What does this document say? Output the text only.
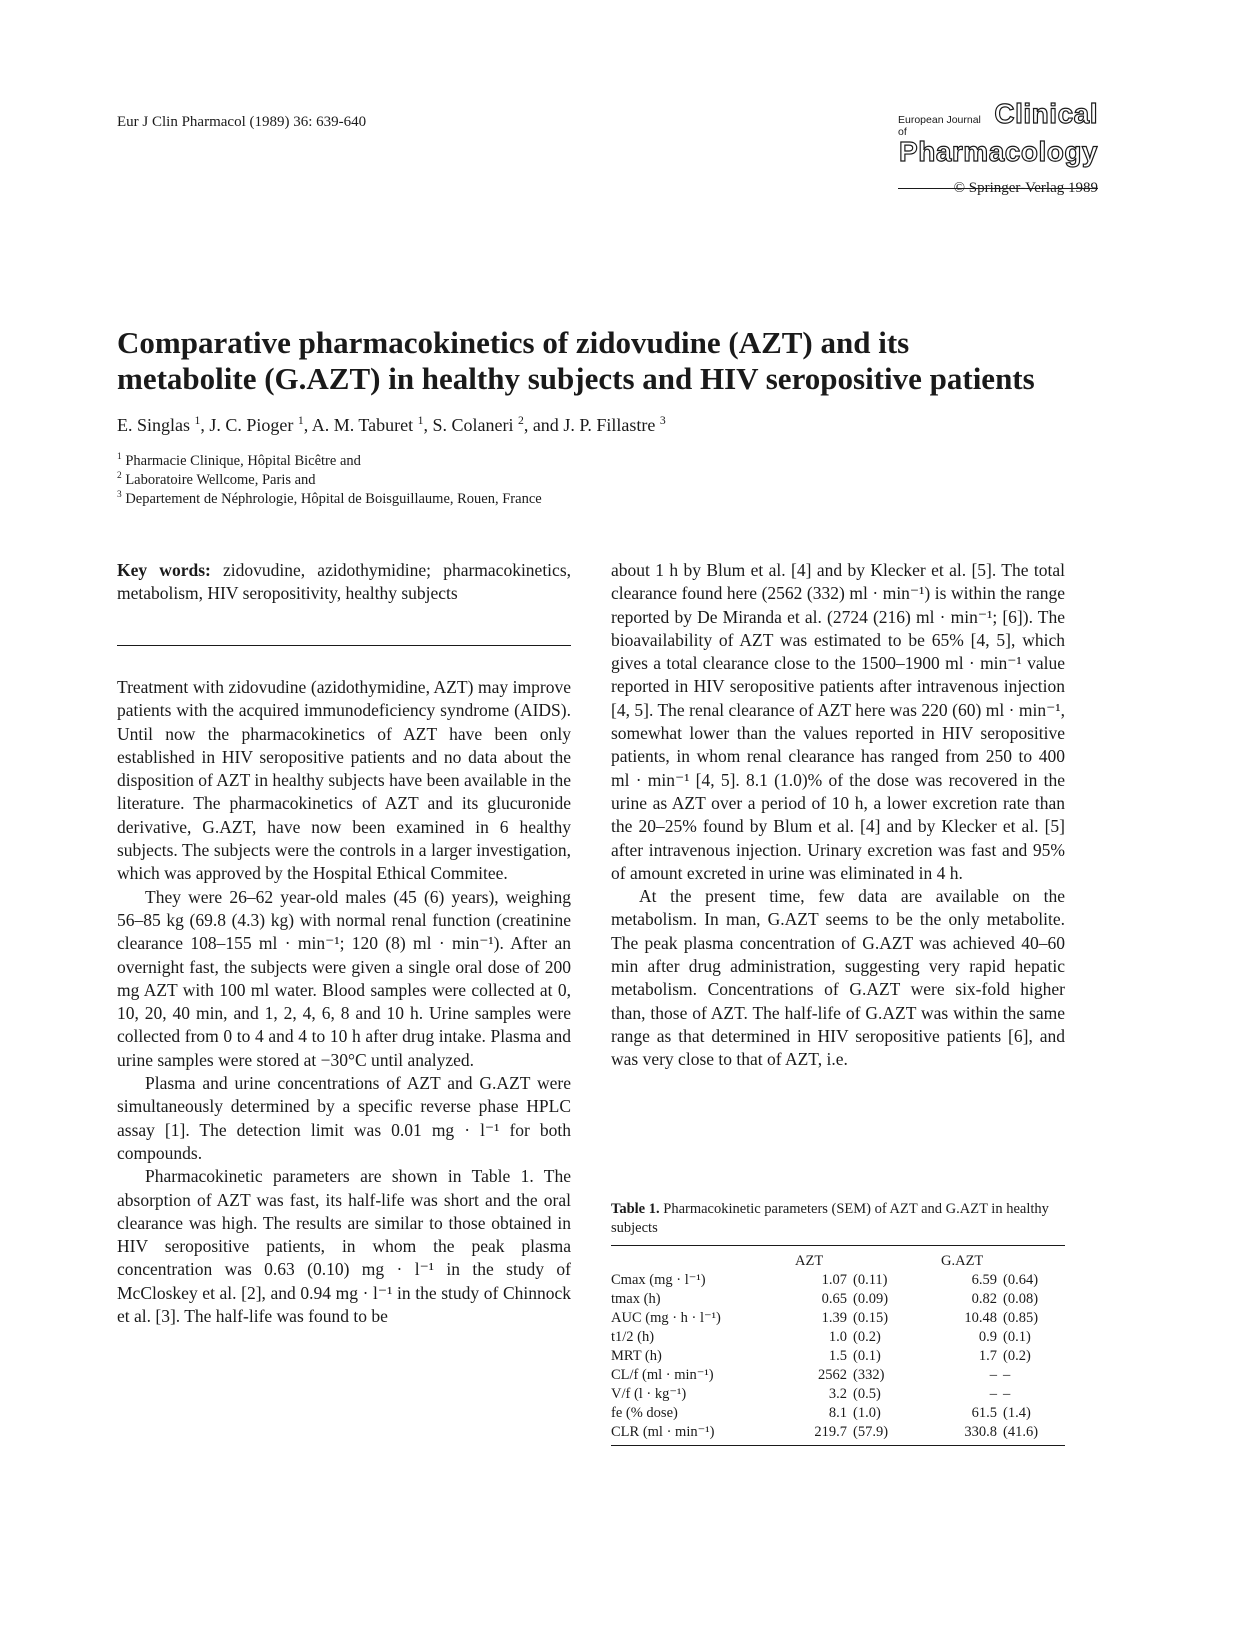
Eur J Clin Pharmacol (1989) 36: 639-640	European Journal of
Clinical
Pharmacology
© Springer-Verlag 1989
Comparative pharmacokinetics of zidovudine (AZT) and its
metabolite (G.AZT) in healthy subjects and HIV seropositive patients
E. Singlas $^1$, J. C. Pioger $^1$, A. M. Taburet $^1$, S. Colaneri $^2$, and J. P. Fillastre $^3$
$^1$ Pharmacie Clinique, Hôpital Bicêtre and
$^2$ Laboratoire Wellcome, Paris and
$^3$ Departement de Néphrologie, Hôpital de Boisguillaume, Rouen, France

Key words: zidovudine, azidothymidine; pharmacokinetics, metabolism, HIV seropositivity, healthy subjects

Treatment with zidovudine (azidothymidine, AZT) may improve patients with the acquired immunodeficiency syndrome (AIDS). Until now the pharmacokinetics of AZT have been only established in HIV seropositive patients and no data about the disposition of AZT in healthy subjects have been available in the literature. The pharmacokinetics of AZT and its glucuronide derivative, G.AZT, have now been examined in 6 healthy subjects. The subjects were the controls in a larger investigation, which was approved by the Hospital Ethical Commitee.

They were 26–62 year-old males (45 (6) years), weighing 56–85 kg (69.8 (4.3) kg) with normal renal function (creatinine clearance 108–155 ml · min⁻¹; 120 (8) ml · min⁻¹). After an overnight fast, the subjects were given a single oral dose of 200 mg AZT with 100 ml water. Blood samples were collected at 0, 10, 20, 40 min, and 1, 2, 4, 6, 8 and 10 h. Urine samples were collected from 0 to 4 and 4 to 10 h after drug intake. Plasma and urine samples were stored at −30°C until analyzed.

Plasma and urine concentrations of AZT and G.AZT were simultaneously determined by a specific reverse phase HPLC assay [1]. The detection limit was 0.01 mg · l⁻¹ for both compounds.

Pharmacokinetic parameters are shown in Table 1. The absorption of AZT was fast, its half-life was short and the oral clearance was high. The results are similar to those obtained in HIV seropositive patients, in whom the peak plasma concentration was 0.63 (0.10) mg · l⁻¹ in the study of McCloskey et al. [2], and 0.94 mg · l⁻¹ in the study of Chinnock et al. [3]. The half-life was found to be

about 1 h by Blum et al. [4] and by Klecker et al. [5]. The total clearance found here (2562 (332) ml · min⁻¹) is within the range reported by De Miranda et al. (2724 (216) ml · min⁻¹; [6]). The bioavailability of AZT was estimated to be 65% [4, 5], which gives a total clearance close to the 1500–1900 ml · min⁻¹ value reported in HIV seropositive patients after intravenous injection [4, 5]. The renal clearance of AZT here was 220 (60) ml · min⁻¹, somewhat lower than the values reported in HIV seropositive patients, in whom renal clearance has ranged from 250 to 400 ml · min⁻¹ [4, 5]. 8.1 (1.0)% of the dose was recovered in the urine as AZT over a period of 10 h, a lower excretion rate than the 20–25% found by Blum et al. [4] and by Klecker et al. [5] after intravenous injection. Urinary excretion was fast and 95% of amount excreted in urine was eliminated in 4 h.

At the present time, few data are available on the metabolism. In man, G.AZT seems to be the only metabolite. The peak plasma concentration of G.AZT was achieved 40–60 min after drug administration, suggesting very rapid hepatic metabolism. Concentrations of G.AZT were six-fold higher than, those of AZT. The half-life of G.AZT was within the same range as that determined in HIV seropositive patients [6], and was very close to that of AZT, i.e.

Table 1. Pharmacokinetic parameters (SEM) of AZT and G.AZT in healthy subjects

	AZT		G.AZT	
Cmax (mg · l⁻¹)	1.07	(0.11)	6.59	(0.64)
tmax (h)	0.65	(0.09)	0.82	(0.08)
AUC (mg · h · l⁻¹)	1.39	(0.15)	10.48	(0.85)
t1/2 (h)	1.0	(0.2)	0.9	(0.1)
MRT (h)	1.5	(0.1)	1.7	(0.2)
CL/f (ml · min⁻¹)	2562	(332)	–	–
V/f (l · kg⁻¹)	3.2	(0.5)	–	–
fe (% dose)	8.1	(1.0)	61.5	(1.4)
CLR (ml · min⁻¹)	219.7	(57.9)	330.8	(41.6)
